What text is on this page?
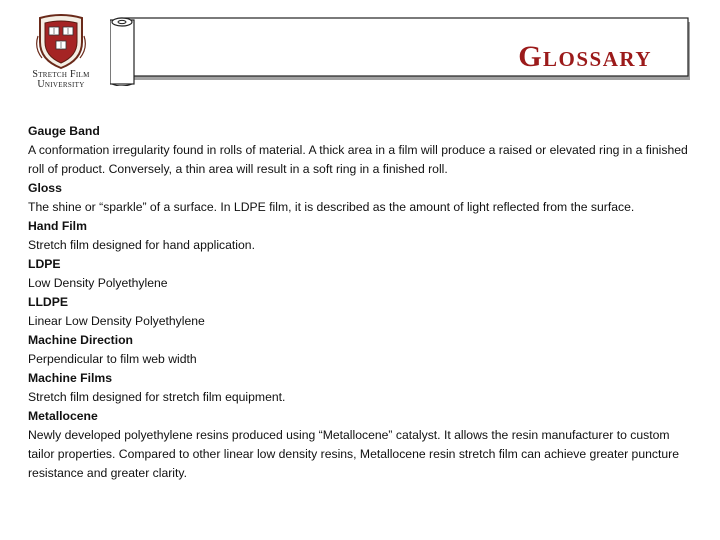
Stretch Film
University
Glossary
Gauge Band

A conformation irregularity found in rolls of material. A thick area in a film will produce a raised or elevated ring in a finished roll of product. Conversely, a thin area will result in a soft ring in a finished roll.

Gloss

The shine or “sparkle” of a surface. In LDPE film, it is described as the amount of light reflected from the surface.

Hand Film

Stretch film designed for hand application.

LDPE

Low Density Polyethylene

LLDPE

Linear Low Density Polyethylene

Machine Direction

Perpendicular to film web width

Machine Films

Stretch film designed for stretch film equipment.

Metallocene

Newly developed polyethylene resins produced using “Metallocene” catalyst. It allows the resin manufacturer to custom tailor properties. Compared to other linear low density resins, Metallocene resin stretch film can achieve greater puncture resistance and greater clarity.
